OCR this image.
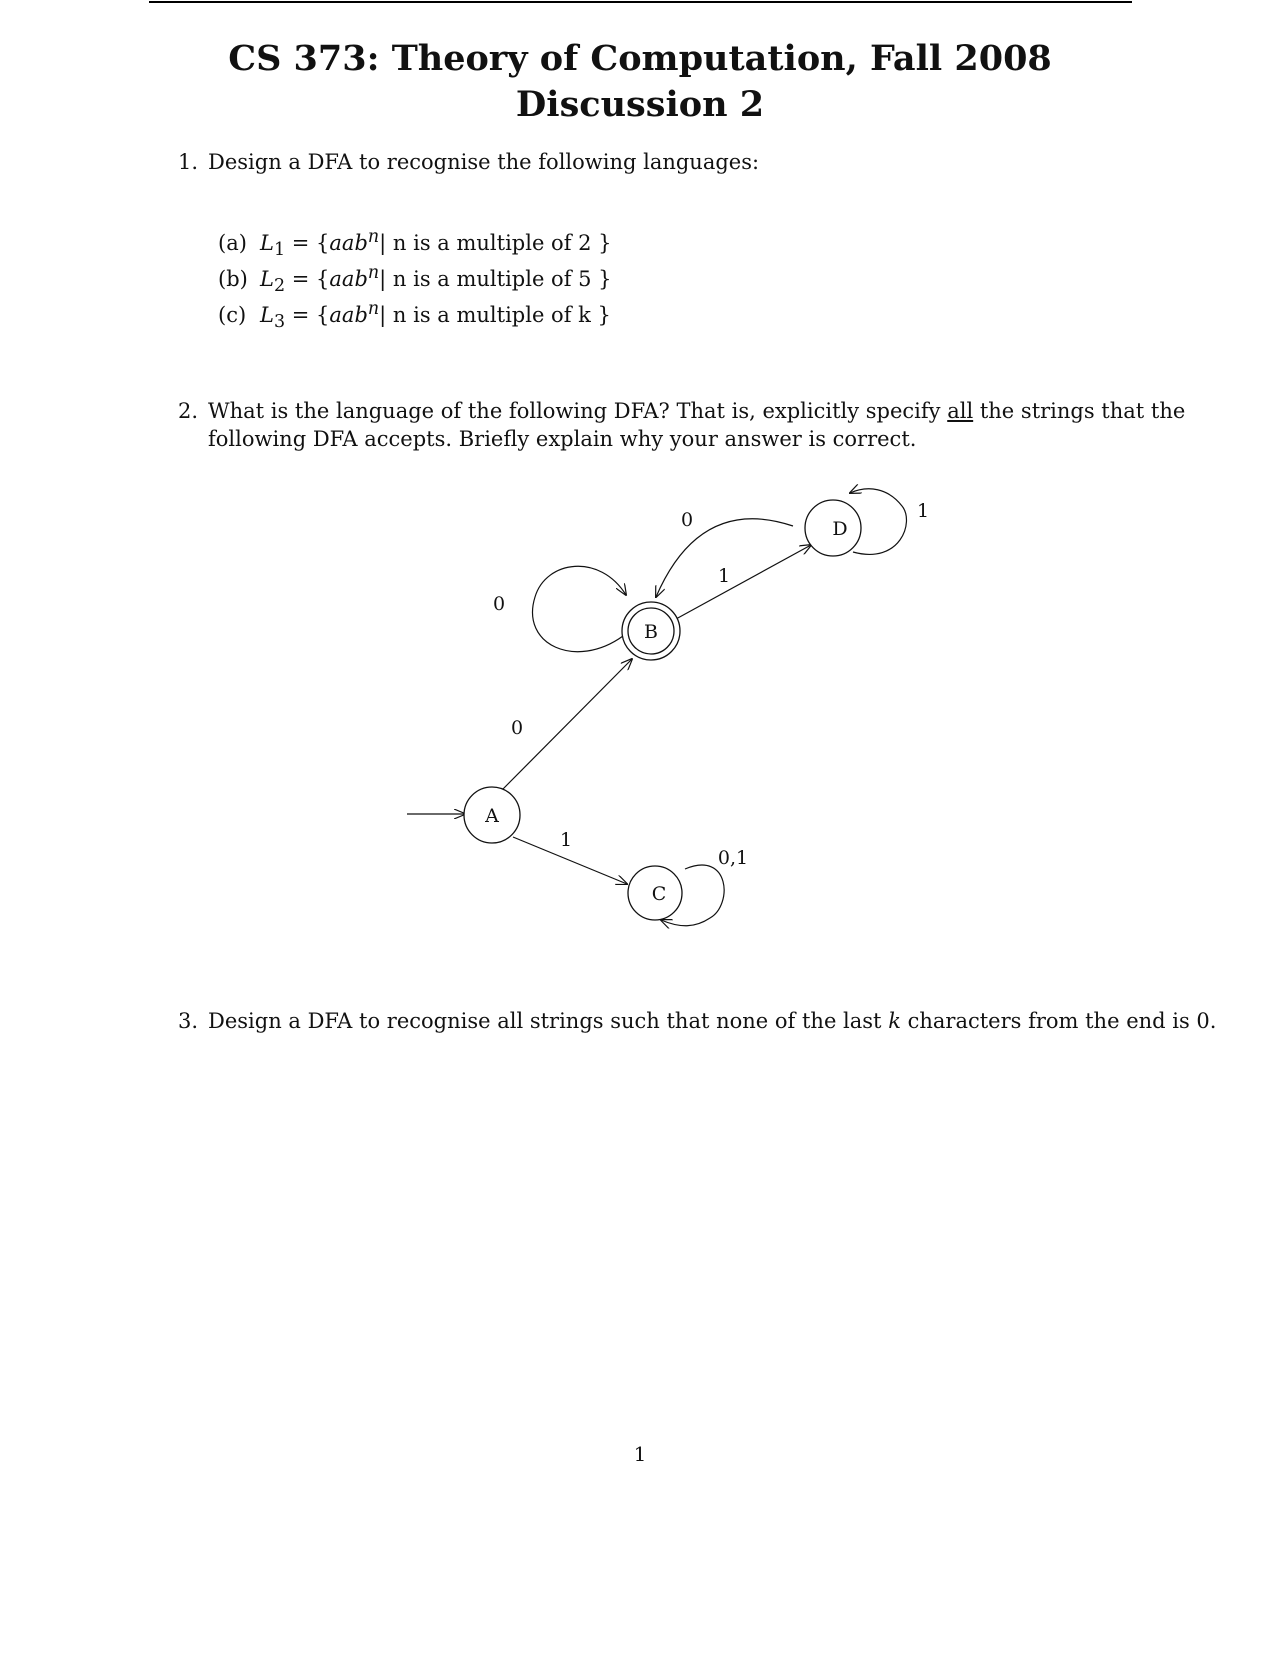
CS 373: Theory of Computation, Fall 2008
Discussion 2
1. Design a DFA to recognise the following languages:
(a) $L_1 = \{aab^n|$ n is a multiple of 2 }
(b) $L_2 = \{aab^n|$ n is a multiple of 5 }
(c) $L_3 = \{aab^n|$ n is a multiple of k }
2. What is the language of the following DFA? That is, explicitly specify all the strings that the
following DFA accepts. Briefly explain why your answer is correct.
A
B
C
D
0
1
0
1
0	1
0,1
3. Design a DFA to recognise all strings such that none of the last k characters from the end is 0.
1
